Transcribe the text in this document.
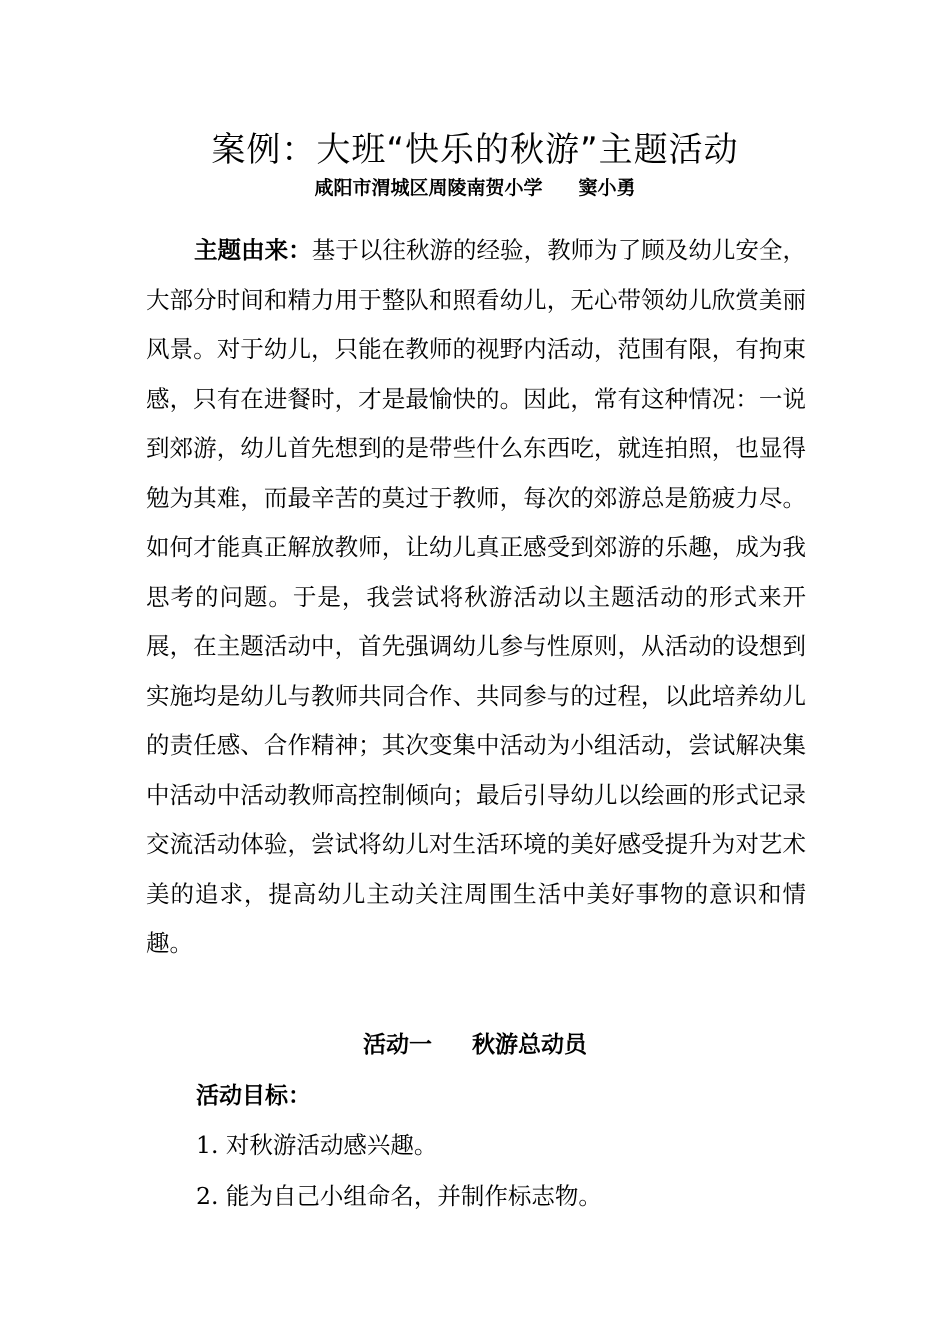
案例：大班“快乐的秋游”主题活动
咸阳市渭城区周陵南贺小学 窦小勇

主题由来：基于以往秋游的经验，教师为了顾及幼儿安全，大部分时间和精力用于整队和照看幼儿，无心带领幼儿欣赏美丽风景。对于幼儿，只能在教师的视野内活动，范围有限，有拘束感，只有在进餐时，才是最愉快的。因此，常有这种情况：一说到郊游，幼儿首先想到的是带些什么东西吃，就连拍照，也显得勉为其难，而最辛苦的莫过于教师，每次的郊游总是筋疲力尽。如何才能真正解放教师，让幼儿真正感受到郊游的乐趣，成为我思考的问题。于是，我尝试将秋游活动以主题活动的形式来开展，在主题活动中，首先强调幼儿参与性原则，从活动的设想到实施均是幼儿与教师共同合作、共同参与的过程，以此培养幼儿的责任感、合作精神；其次变集中活动为小组活动，尝试解决集中活动中活动教师高控制倾向；最后引导幼儿以绘画的形式记录交流活动体验，尝试将幼儿对生活环境的美好感受提升为对艺术美的追求，提高幼儿主动关注周围生活中美好事物的意识和情趣。

活动一 秋游总动员
活动目标：
1. 对秋游活动感兴趣。
2. 能为自己小组命名，并制作标志物。
